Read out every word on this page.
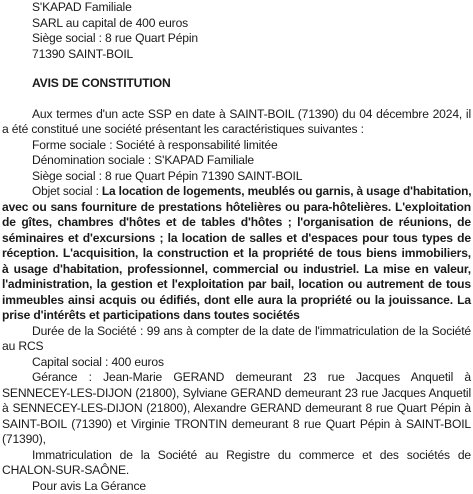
S'KAPAD Familiale
SARL au capital de 400 euros
Siège social : 8 rue Quart Pépin
71390 SAINT-BOIL
AVIS DE CONSTITUTION
Aux termes d'un acte SSP en date à SAINT-BOIL (71390) du 04 décembre 2024, il
a été constitué une société présentant les caractéristiques suivantes :
Forme sociale : Société à responsabilité limitée
Dénomination sociale : S'KAPAD Familiale
Siège social : 8 rue Quart Pépin 71390 SAINT-BOIL
Objet social : La location de logements, meublés ou garnis, à usage d'habitation,
avec ou sans fourniture de prestations hôtelières ou para-hôtelières. L'exploitation
de gîtes, chambres d'hôtes et de tables d'hôtes ; l'organisation de réunions, de
séminaires et d'excursions ; la location de salles et d'espaces pour tous types de
réception. L'acquisition, la construction et la propriété de tous biens immobiliers,
à usage d'habitation, professionnel, commercial ou industriel. La mise en valeur,
l'administration, la gestion et l'exploitation par bail, location ou autrement de tous
immeubles ainsi acquis ou édifiés, dont elle aura la propriété ou la jouissance. La
prise d'intérêts et participations dans toutes sociétés
Durée de la Société : 99 ans à compter de la date de l'immatriculation de la Société
au RCS
Capital social : 400 euros
Gérance : Jean-Marie GERAND demeurant 23 rue Jacques Anquetil à
SENNECEY-LES-DIJON (21800), Sylviane GERAND demeurant 23 rue Jacques Anquetil
à SENNECEY-LES-DIJON (21800), Alexandre GERAND demeurant 8 rue Quart Pépin à
SAINT-BOIL (71390) et Virginie TRONTIN demeurant 8 rue Quart Pépin à SAINT-BOIL
(71390),
Immatriculation de la Société au Registre du commerce et des sociétés de
CHALON-SUR-SAÔNE.
Pour avis La Gérance
